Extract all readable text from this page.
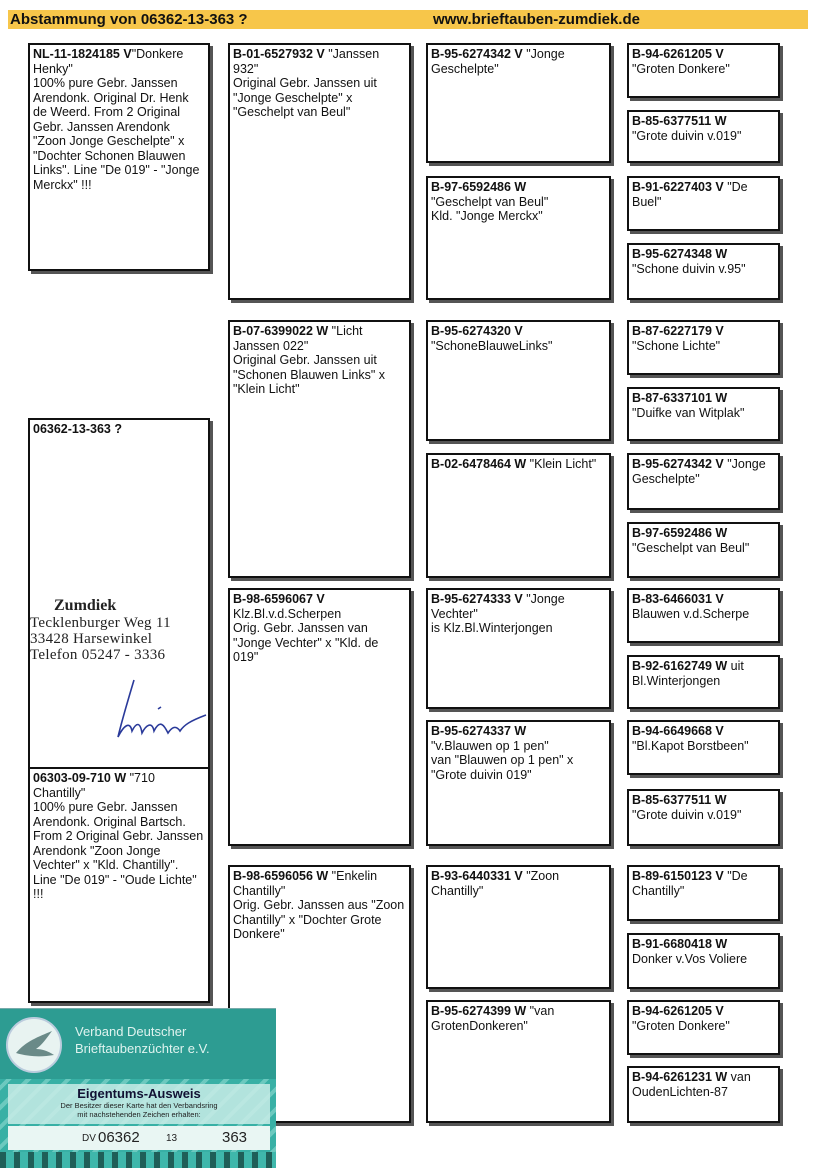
Abstammung von 06362-13-363 ?	www.brieftauben-zumdiek.de
NL-11-1824185 V"Donkere Henky"
100% pure Gebr. Janssen Arendonk. Original Dr. Henk de Weerd. From 2 Original Gebr. Janssen Arendonk "Zoon Jonge Geschelpte" x "Dochter Schonen Blauwen Links". Line "De 019" - "Jonge Merckx" !!!
06362-13-363 ?
Zumdiek
Tecklenburger Weg 11
33428 Harsewinkel
Telefon 05247 - 3336
06303-09-710 W "710 Chantilly"
100% pure Gebr. Janssen Arendonk. Original Bartsch. From 2 Original Gebr. Janssen Arendonk "Zoon Jonge Vechter" x "Kld. Chantilly". Line "De 019" - "Oude Lichte" !!!
B-01-6527932 V "Janssen 932"
Original Gebr. Janssen uit "Jonge Geschelpte" x "Geschelpt van Beul"
B-07-6399022 W "Licht Janssen 022"
Original Gebr. Janssen uit "Schonen Blauwen Links" x "Klein Licht"
B-98-6596067 V
Klz.Bl.v.d.Scherpen
Orig. Gebr. Janssen van "Jonge Vechter" x "Kld. de 019"
B-98-6596056 W "Enkelin Chantilly"
Orig. Gebr. Janssen aus "Zoon Chantilly" x "Dochter Grote Donkere"
B-95-6274342 V "Jonge Geschelpte"
B-97-6592486 W
"Geschelpt van Beul"
Kld. "Jonge Merckx"
B-95-6274320 V
"SchoneBlauweLinks"
B-02-6478464 W "Klein Licht"
B-95-6274333 V "Jonge Vechter"
is Klz.Bl.Winterjongen
B-95-6274337 W
"v.Blauwen op 1 pen"
van "Blauwen op 1 pen" x "Grote duivin 019"
B-93-6440331 V "Zoon Chantilly"
B-95-6274399 W "van GrotenDonkeren"
B-94-6261205 V
"Groten Donkere"
B-85-6377511 W
"Grote duivin v.019"
B-91-6227403 V "De Buel"
B-95-6274348 W
"Schone duivin v.95"
B-87-6227179 V
"Schone Lichte"
B-87-6337101 W
"Duifke van Witplak"
B-95-6274342 V "Jonge Geschelpte"
B-97-6592486 W
"Geschelpt van Beul"
B-83-6466031 V
Blauwen v.d.Scherpe
B-92-6162749 W uit Bl.Winterjongen
B-94-6649668 V
"Bl.Kapot Borstbeen"
B-85-6377511 W
"Grote duivin v.019"
B-89-6150123 V "De Chantilly"
B-91-6680418 W
Donker v.Vos Voliere
B-94-6261205 V
"Groten Donkere"
B-94-6261231 W van OudenLichten-87
Verband Deutscher
Brieftaubenzüchter e.V.
Eigentums-Ausweis
Der Besitzer dieser Karte hat den Verbandsring
mit nachstehenden Zeichen erhalten:
DV 06362	13	363
